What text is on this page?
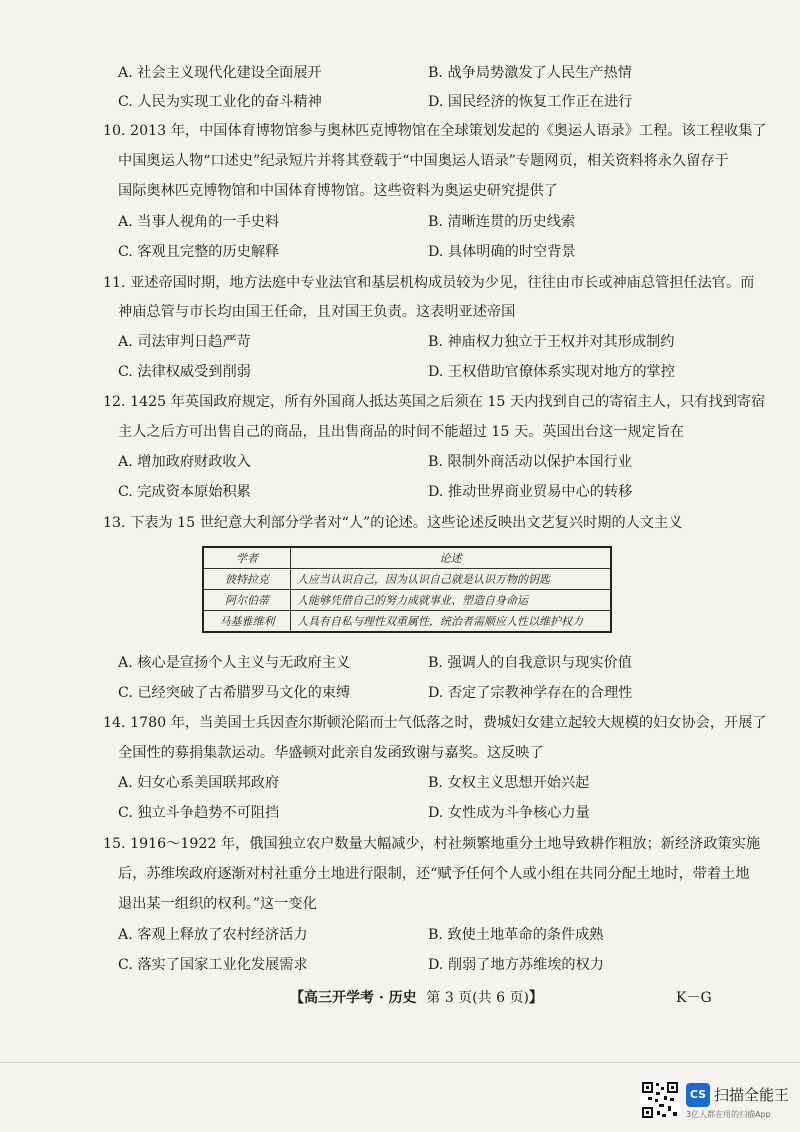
A. 社会主义现代化建设全面展开	B. 战争局势激发了人民生产热情
C. 人民为实现工业化的奋斗精神	D. 国民经济的恢复工作正在进行
10. 2013 年，中国体育博物馆参与奥林匹克博物馆在全球策划发起的《奥运人语录》工程。该工程收集了
中国奥运人物“口述史”纪录短片并将其登载于“中国奥运人语录”专题网页，相关资料将永久留存于
国际奥林匹克博物馆和中国体育博物馆。这些资料为奥运史研究提供了
A. 当事人视角的一手史料	B. 清晰连贯的历史线索
C. 客观且完整的历史解释	D. 具体明确的时空背景
11. 亚述帝国时期，地方法庭中专业法官和基层机构成员较为少见，往往由市长或神庙总管担任法官。而
神庙总管与市长均由国王任命，且对国王负责。这表明亚述帝国
A. 司法审判日趋严苛	B. 神庙权力独立于王权并对其形成制约
C. 法律权威受到削弱	D. 王权借助官僚体系实现对地方的掌控
12. 1425 年英国政府规定，所有外国商人抵达英国之后须在 15 天内找到自己的寄宿主人，只有找到寄宿
主人之后方可出售自己的商品，且出售商品的时间不能超过 15 天。英国出台这一规定旨在
A. 增加政府财政收入	B. 限制外商活动以保护本国行业
C. 完成资本原始积累	D. 推动世界商业贸易中心的转移
13. 下表为 15 世纪意大利部分学者对“人”的论述。这些论述反映出文艺复兴时期的人文主义
学者	论述
彼特拉克	人应当认识自己，因为认识自己就是认识万物的钥匙
阿尔伯蒂	人能够凭借自己的努力成就事业、塑造自身命运
马基雅维利	人具有自私与理性双重属性，统治者需顺应人性以维护权力
A. 核心是宣扬个人主义与无政府主义	B. 强调人的自我意识与现实价值
C. 已经突破了古希腊罗马文化的束缚	D. 否定了宗教神学存在的合理性
14. 1780 年，当美国士兵因查尔斯顿沦陷而士气低落之时，费城妇女建立起较大规模的妇女协会，开展了
全国性的募捐集款运动。华盛顿对此亲自发函致谢与嘉奖。这反映了
A. 妇女心系美国联邦政府	B. 女权主义思想开始兴起
C. 独立斗争趋势不可阻挡	D. 女性成为斗争核心力量
15. 1916～1922 年，俄国独立农户数量大幅减少，村社频繁地重分土地导致耕作粗放；新经济政策实施
后，苏维埃政府逐渐对村社重分土地进行限制，还“赋予任何个人或小组在共同分配土地时，带着土地
退出某一组织的权利。”这一变化
A. 客观上释放了农村经济活力	B. 致使土地革命的条件成熟
C. 落实了国家工业化发展需求	D. 削弱了地方苏维埃的权力
【高三开学考 · 历史 第 3 页(共 6 页)】	K－G
CS 扫描全能王
3亿人都在用的扫描App
